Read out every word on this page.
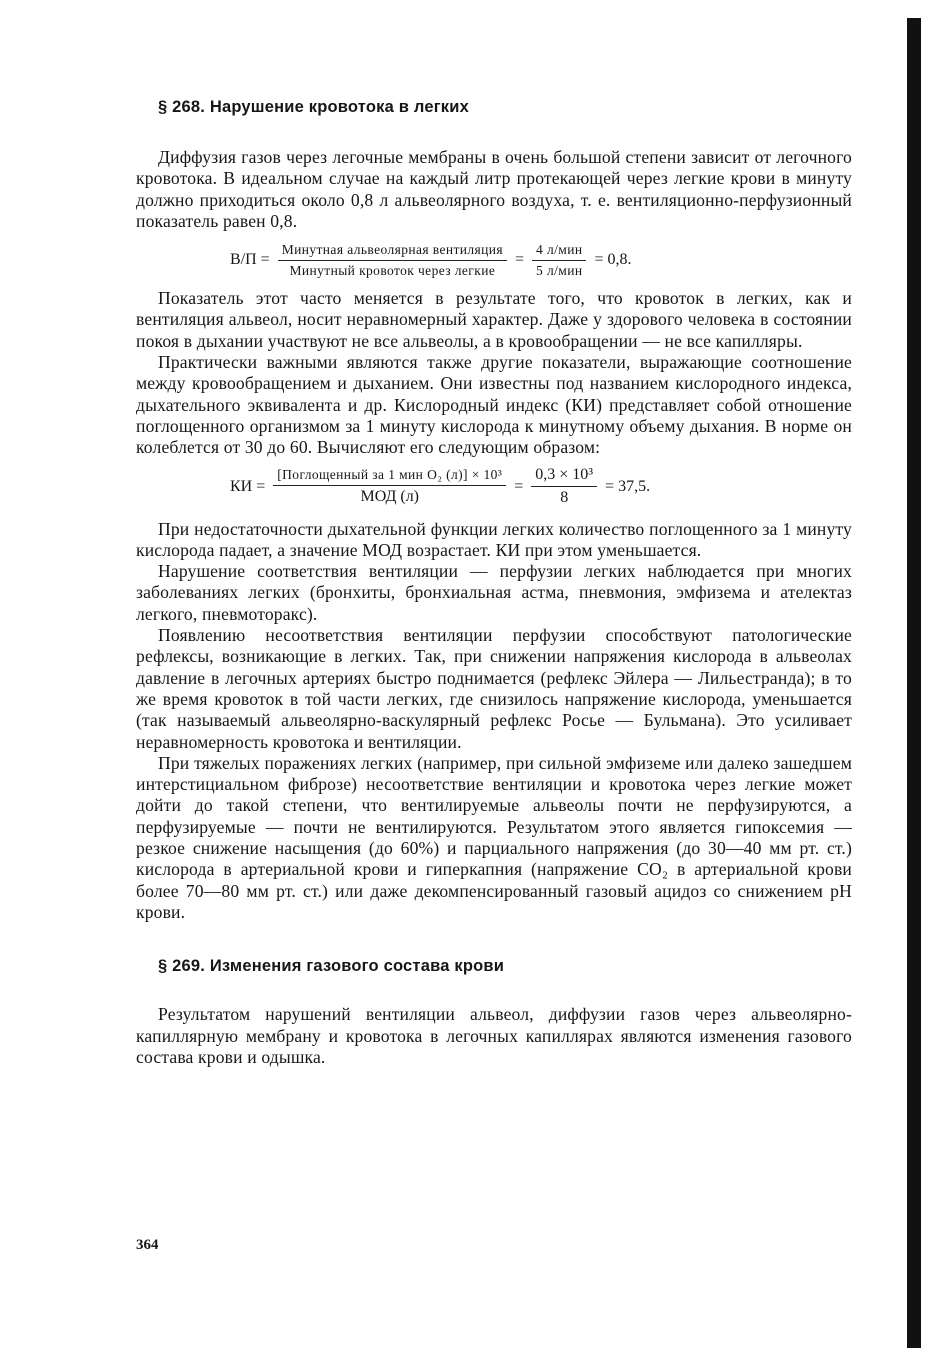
§ 268. Нарушение кровотока в легких

Диффузия газов через легочные мембраны в очень большой степени зависит от легочного кровотока. В идеальном случае на каждый литр протекающей через легкие крови в минуту должно приходиться около 0,8 л альвеолярного воздуха, т. е. вентиляционно-перфузионный показатель равен 0,8.

$В/П = \frac{\text{Минутная альвеолярная вентиляция}}{\text{Минутный кровоток через легкие}} = \frac{\text{4 л/мин}}{\text{5 л/мин}} = 0,8$.

Показатель этот часто меняется в результате того, что кровоток в легких, как и вентиляция альвеол, носит неравномерный характер. Даже у здорового человека в состоянии покоя в дыхании участвуют не все альвеолы, а в кровообращении — не все капилляры.

Практически важными являются также другие показатели, выражающие соотношение между кровообращением и дыханием. Они известны под названием кислородного индекса, дыхательного эквивалента и др. Кислородный индекс (КИ) представляет собой отношение поглощенного организмом за 1 минуту кислорода к минутному объему дыхания. В норме он колеблется от 30 до 60. Вычисляют его следующим образом:

КИ = $\frac{\text{[Поглощенный за 1 мин O₂ (л)] × 10³}}{\text{МОД (л)}} = \frac{\text{0,3 × 10³}}{8} = 37,5$.

При недостаточности дыхательной функции легких количество поглощенного за 1 минуту кислорода падает, а значение МОД возрастает. КИ при этом уменьшается.

Нарушение соответствия вентиляции — перфузии легких наблюдается при многих заболеваниях легких (бронхиты, бронхиальная астма, пневмония, эмфизема и ателектаз легкого, пневмоторакс).

Появлению несоответствия вентиляции перфузии способствуют патологические рефлексы, возникающие в легких. Так, при снижении напряжения кислорода в альвеолах давление в легочных артериях быстро поднимается (рефлекс Эйлера — Лильестранда); в то же время кровоток в той части легких, где снизилось напряжение кислорода, уменьшается (так называемый альвеолярно-васкулярный рефлекс Росье — Бульмана). Это усиливает неравномерность кровотока и вентиляции.

При тяжелых поражениях легких (например, при сильной эмфиземе или далеко зашедшем интерстициальном фиброзе) несоответствие вентиляции и кровотока через легкие может дойти до такой степени, что вентилируемые альвеолы почти не перфузируются, а перфузируемые — почти не вентилируются. Результатом этого является гипоксемия — резкое снижение насыщения (до 60%) и парциального напряжения (до 30—40 мм рт. ст.) кислорода в артериальной крови и гиперкапния (напряжение CO₂ в артериальной крови более 70—80 мм рт. ст.) или даже декомпенсированный газовый ацидоз со снижением pH крови.

§ 269. Изменения газового состава крови

Результатом нарушений вентиляции альвеол, диффузии газов через альвеолярно-капиллярную мембрану и кровотока в легочных капиллярах являются изменения газового состава крови и одышка.

364
